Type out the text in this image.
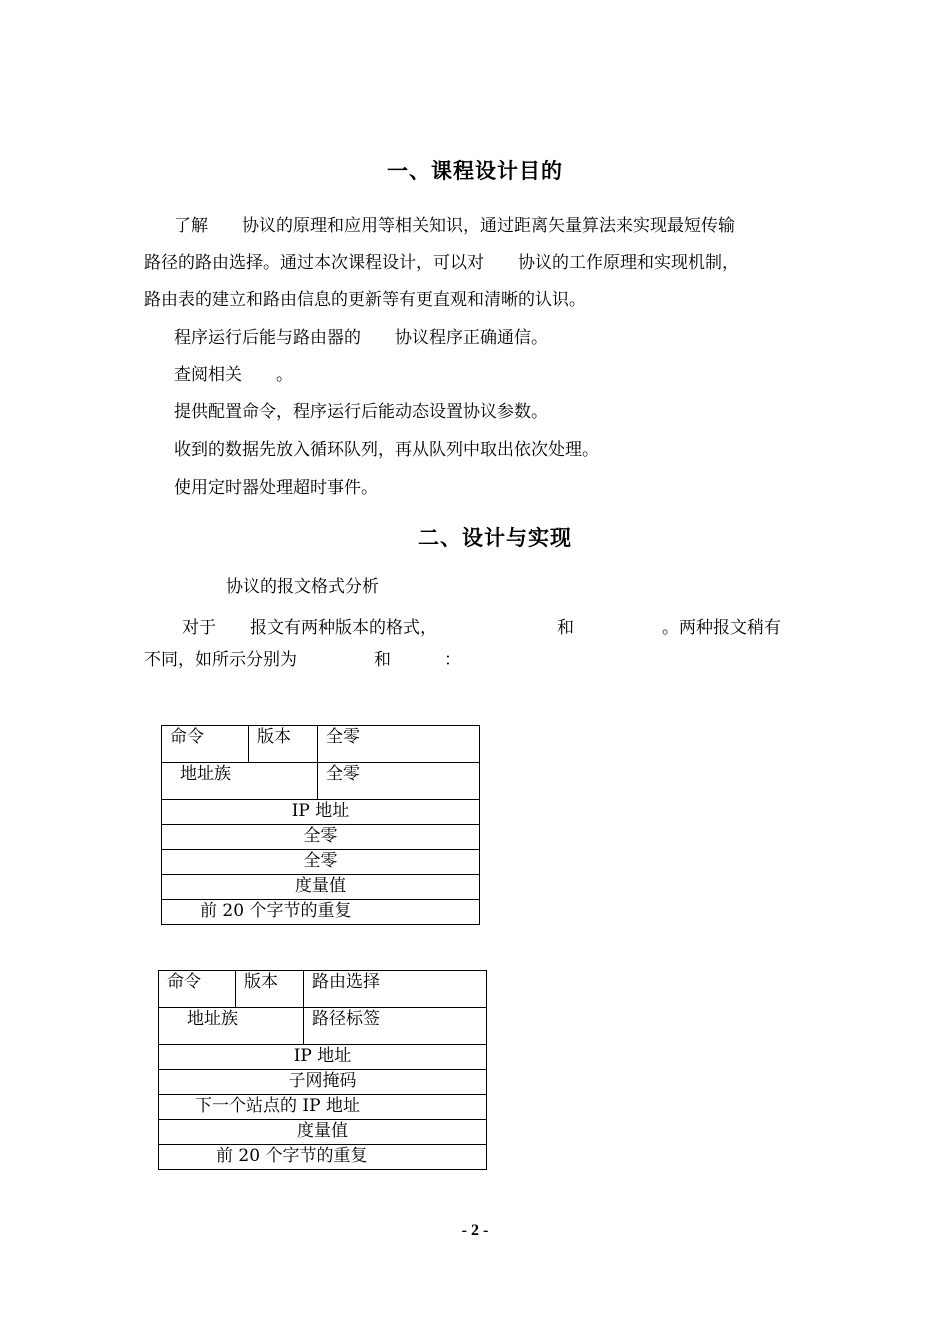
一、课程设计目的
了解　　协议的原理和应用等相关知识，通过距离矢量算法来实现最短传输
路径的路由选择。通过本次课程设计，可以对　　协议的工作原理和实现机制，
路由表的建立和路由信息的更新等有更直观和清晰的认识。
程序运行后能与路由器的　　协议程序正确通信。
查阅相关　　。
提供配置命令，程序运行后能动态设置协议参数。
收到的数据先放入循环队列，再从队列中取出依次处理。
使用定时器处理超时事件。
二、设计与实现
协议的报文格式分析
对于　　报文有两种版本的格式，	和	。两种报文稍有
不同，如所示分别为	和	：
命令	版本	全零
地址族		全零
IP 地址		
全零		
全零		
度量值		
前 20 个字节的重复		
命令	版本	路由选择
地址族		路径标签
IP 地址		
子网掩码		
下一个站点的 IP 地址		
度量值		
前 20 个字节的重复		
- 2 -
